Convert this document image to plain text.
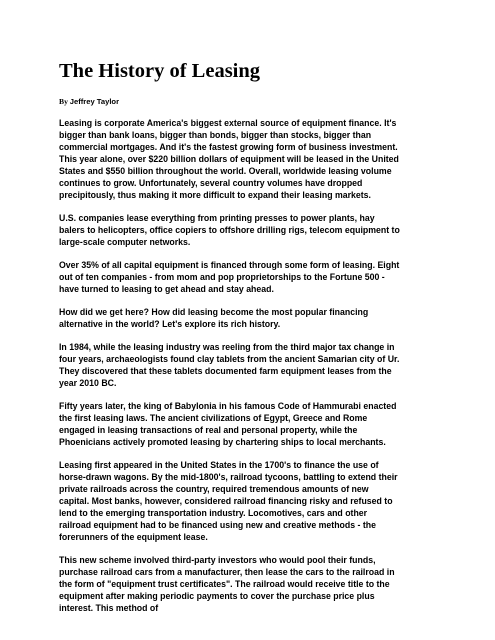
The History of Leasing

By Jeffrey Taylor

Leasing is corporate America's biggest external source of equipment finance. It's
bigger than bank loans, bigger than bonds, bigger than stocks, bigger than
commercial mortgages. And it's the fastest growing form of business investment.
This year alone, over $220 billion dollars of equipment will be leased in the United
States and $550 billion throughout the world. Overall, worldwide leasing volume
continues to grow. Unfortunately, several country volumes have dropped
precipitously, thus making it more difficult to expand their leasing markets.

U.S. companies lease everything from printing presses to power plants, hay
balers to helicopters, office copiers to offshore drilling rigs, telecom equipment to
large-scale computer networks.

Over 35% of all capital equipment is financed through some form of leasing. Eight
out of ten companies - from mom and pop proprietorships to the Fortune 500 -
have turned to leasing to get ahead and stay ahead.

How did we get here? How did leasing become the most popular financing
alternative in the world? Let's explore its rich history.

In 1984, while the leasing industry was reeling from the third major tax change in
four years, archaeologists found clay tablets from the ancient Samarian city of Ur.
They discovered that these tablets documented farm equipment leases from the
year 2010 BC.

Fifty years later, the king of Babylonia in his famous Code of Hammurabi enacted
the first leasing laws. The ancient civilizations of Egypt, Greece and Rome
engaged in leasing transactions of real and personal property, while the
Phoenicians actively promoted leasing by chartering ships to local merchants.

Leasing first appeared in the United States in the 1700's to finance the use of
horse-drawn wagons. By the mid-1800's, railroad tycoons, battling to extend their
private railroads across the country, required tremendous amounts of new
capital. Most banks, however, considered railroad financing risky and refused to
lend to the emerging transportation industry. Locomotives, cars and other
railroad equipment had to be financed using new and creative methods - the
forerunners of the equipment lease.

This new scheme involved third-party investors who would pool their funds,
purchase railroad cars from a manufacturer, then lease the cars to the railroad in
the form of "equipment trust certificates". The railroad would receive title to the
equipment after making periodic payments to cover the purchase price plus
interest. This method of
